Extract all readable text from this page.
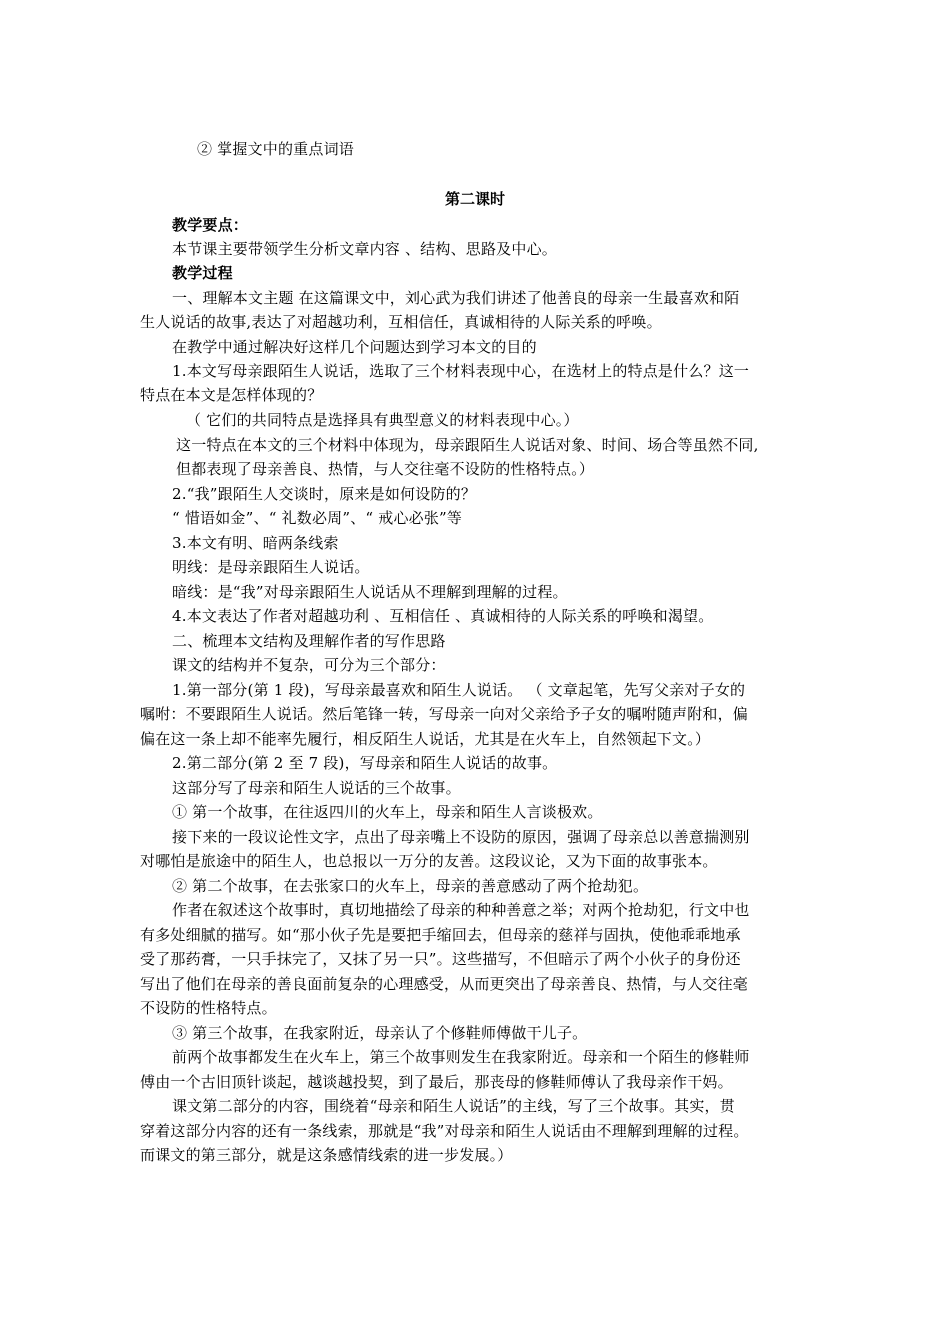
② 掌握文中的重点词语
第二课时
教学要点：
本节课主要带领学生分析文章内容 、结构、思路及中心。
教学过程
一、理解本文主题 在这篇课文中，刘心武为我们讲述了他善良的母亲一生最喜欢和陌
生人说话的故事,表达了对超越功利，互相信任，真诚相待的人际关系的呼唤。
在教学中通过解决好这样几个问题达到学习本文的目的
1.本文写母亲跟陌生人说话，选取了三个材料表现中心，在选材上的特点是什么？这一
特点在本文是怎样体现的？
（ 它们的共同特点是选择具有典型意义的材料表现中心。）
这一特点在本文的三个材料中体现为，母亲跟陌生人说话对象、时间、场合等虽然不同,
但都表现了母亲善良、热情，与人交往毫不设防的性格特点。）
2.“我”跟陌生人交谈时，原来是如何设防的？
“ 惜语如金”、“ 礼数必周”、“ 戒心必张”等
3.本文有明、暗两条线索
明线：是母亲跟陌生人说话。
暗线：是“我”对母亲跟陌生人说话从不理解到理解的过程。
4.本文表达了作者对超越功利 、互相信任 、真诚相待的人际关系的呼唤和渴望。
二、梳理本文结构及理解作者的写作思路
课文的结构并不复杂，可分为三个部分：
1.第一部分(第 1 段)，写母亲最喜欢和陌生人说话。 （ 文章起笔，先写父亲对子女的
嘱咐：不要跟陌生人说话。然后笔锋一转，写母亲一向对父亲给予子女的嘱咐随声附和，偏
偏在这一条上却不能率先履行，相反陌生人说话，尤其是在火车上，自然领起下文。）
2.第二部分(第 2 至 7 段)，写母亲和陌生人说话的故事。
这部分写了母亲和陌生人说话的三个故事。
① 第一个故事，在往返四川的火车上，母亲和陌生人言谈极欢。
接下来的一段议论性文字，点出了母亲嘴上不设防的原因，强调了母亲总以善意揣测别
对哪怕是旅途中的陌生人，也总报以一万分的友善。这段议论，又为下面的故事张本。
② 第二个故事，在去张家口的火车上，母亲的善意感动了两个抢劫犯。
作者在叙述这个故事时，真切地描绘了母亲的种种善意之举；对两个抢劫犯，行文中也
有多处细腻的描写。如“那小伙子先是要把手缩回去，但母亲的慈祥与固执，使他乖乖地承
受了那药膏，一只手抹完了，又抹了另一只”。这些描写，不但暗示了两个小伙子的身份还
写出了他们在母亲的善良面前复杂的心理感受，从而更突出了母亲善良、热情，与人交往毫
不设防的性格特点。
③ 第三个故事，在我家附近，母亲认了个修鞋师傅做干儿子。
前两个故事都发生在火车上，第三个故事则发生在我家附近。母亲和一个陌生的修鞋师
傅由一个古旧顶针谈起，越谈越投契，到了最后，那丧母的修鞋师傅认了我母亲作干妈。
课文第二部分的内容，围绕着“母亲和陌生人说话”的主线，写了三个故事。其实，贯
穿着这部分内容的还有一条线索，那就是“我”对母亲和陌生人说话由不理解到理解的过程。
而课文的第三部分，就是这条感情线索的进一步发展。）
